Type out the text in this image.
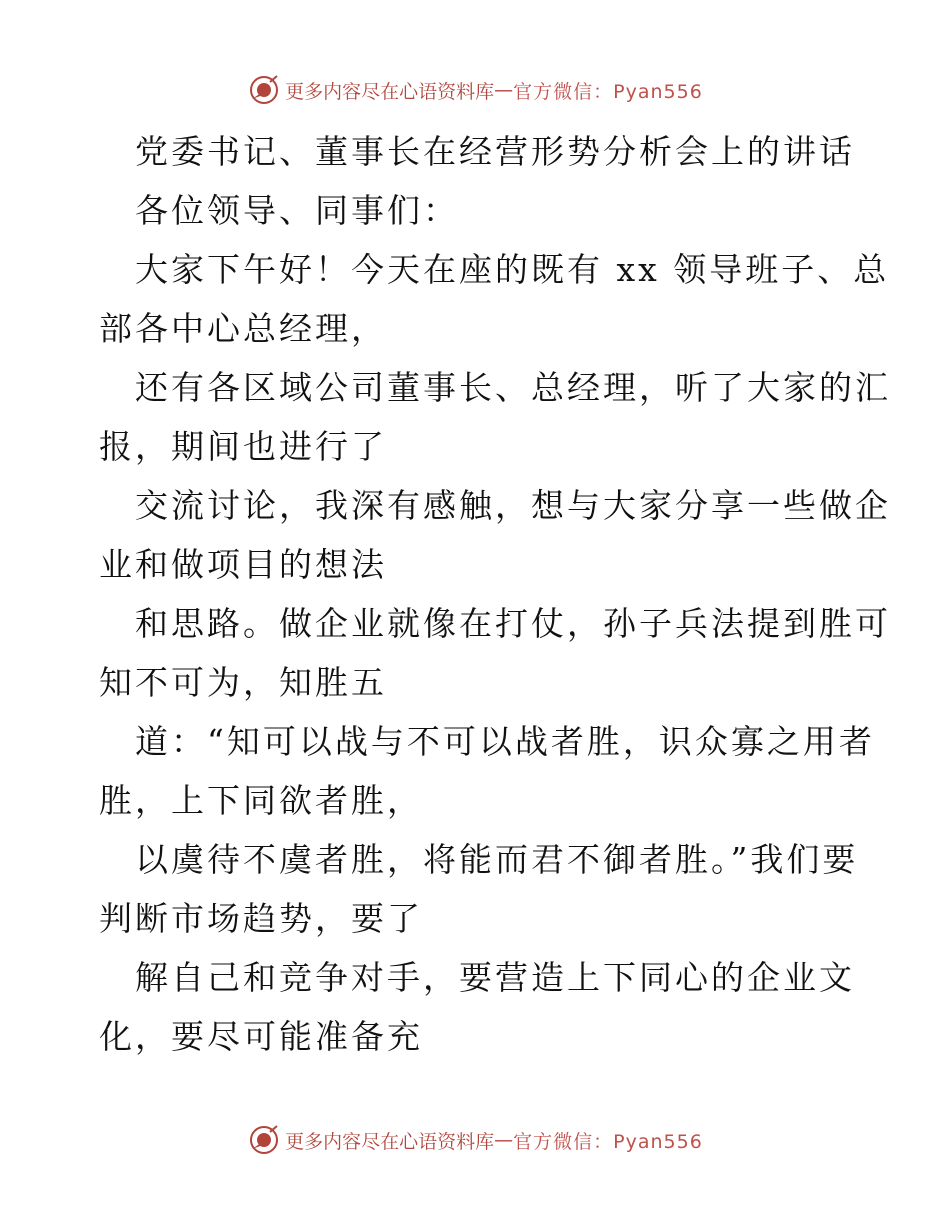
更多内容尽在心语资料库 — 官方微信：Pyan556
党委书记、董事长在经营形势分析会上的讲话
各位领导、同事们：
大家下午好！今天在座的既有 xx 领导班子、总
部各中心总经理，
还有各区域公司董事长、总经理，听了大家的汇
报，期间也进行了
交流讨论，我深有感触，想与大家分享一些做企
业和做项目的想法
和思路。做企业就像在打仗，孙子兵法提到胜可
知不可为，知胜五
道：“知可以战与不可以战者胜，识众寡之用者
胜，上下同欲者胜，
以虞待不虞者胜，将能而君不御者胜。”我们要
判断市场趋势，要了
解自己和竞争对手，要营造上下同心的企业文
化，要尽可能准备充
更多内容尽在心语资料库 — 官方微信：Pyan556
